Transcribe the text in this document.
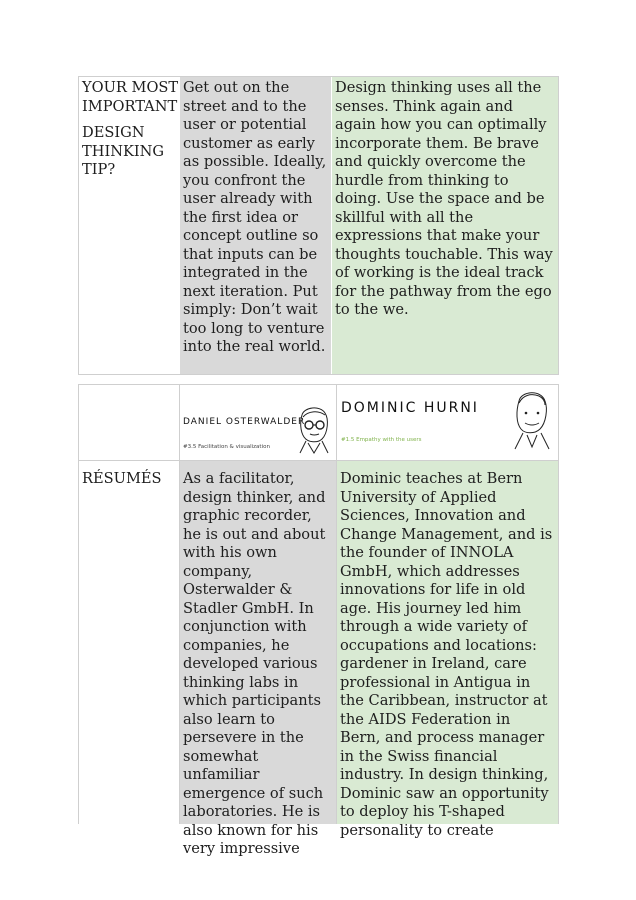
YOUR MOST IMPORTANT
DESIGN THINKING TIP?
Get out on the street and to the user or potential customer as early as possible. Ideally, you confront the user already with the first idea or concept outline so that inputs can be integrated in the next iteration. Put simply: Don’t wait too long to venture into the real world.
Design thinking uses all the senses. Think again and again how you can optimally incorporate them. Be brave and quickly overcome the hurdle from thinking to doing. Use the space and be skillful with all the expressions that make your thoughts touchable. This way of working is the ideal track for the pathway from the ego to the we.
DANIEL OSTERWALDER
#3.5 Facilitation & visualization
DOMINIC HURNI
#1.5 Empathy with the users
RÉSUMÉS	As a facilitator, design thinker, and graphic recorder, he is out and about with his own company, Osterwalder & Stadler GmbH. In conjunction with companies, he developed various thinking labs in which participants also learn to persevere in the somewhat unfamiliar emergence of such laboratories. He is also known for his very impressive
Dominic teaches at Bern University of Applied Sciences, Innovation and Change Management, and is the founder of INNOLA GmbH, which addresses innovations for life in old age. His journey led him through a wide variety of occupations and locations: gardener in Ireland, care professional in Antigua in the Caribbean, instructor at the AIDS Federation in Bern, and process manager in the Swiss financial industry. In design thinking, Dominic saw an opportunity to deploy his T-shaped personality to create
